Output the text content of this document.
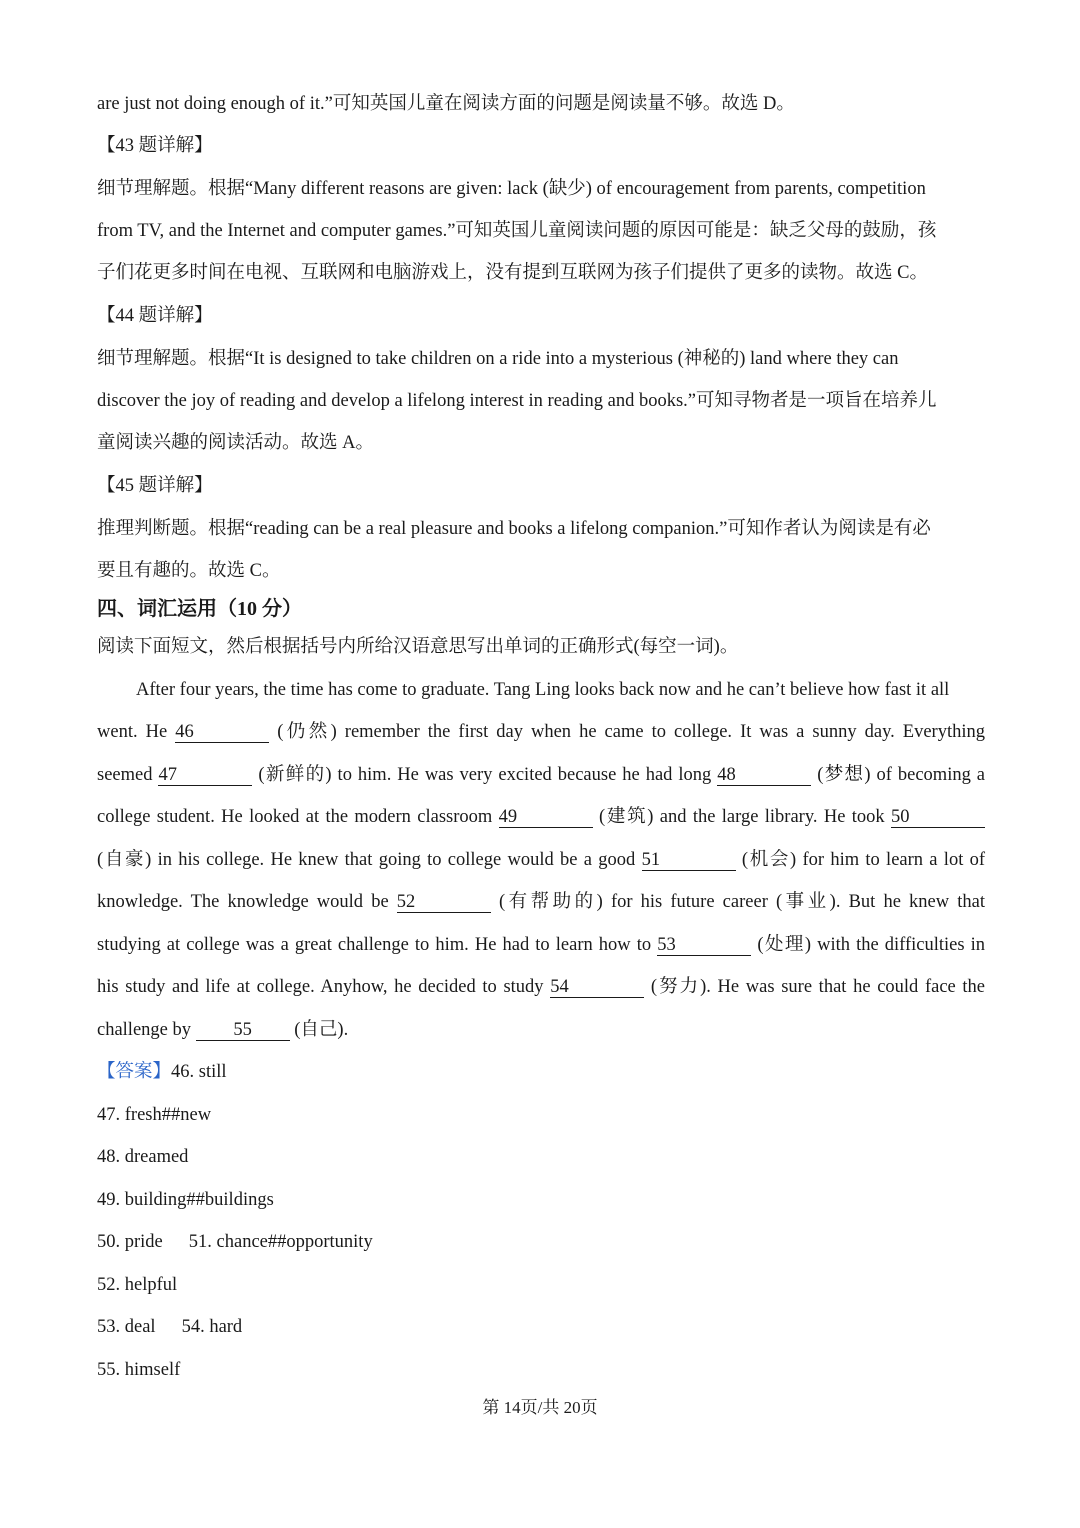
are just not doing enough of it.”可知英国儿童在阅读方面的问题是阅读量不够。故选 D。
【43 题详解】
细节理解题。根据“Many different reasons are given: lack (缺少) of encouragement from parents, competition
from TV, and the Internet and computer games.”可知英国儿童阅读问题的原因可能是：缺乏父母的鼓励，孩
子们花更多时间在电视、互联网和电脑游戏上，没有提到互联网为孩子们提供了更多的读物。故选 C。
【44 题详解】
细节理解题。根据“It is designed to take children on a ride into a mysterious (神秘的) land where they can
discover the joy of reading and develop a lifelong interest in reading and books.”可知寻物者是一项旨在培养儿
童阅读兴趣的阅读活动。故选 A。
【45 题详解】
推理判断题。根据“reading can be a real pleasure and books a lifelong companion.”可知作者认为阅读是有必
要且有趣的。故选 C。
四、词汇运用（10 分）
阅读下面短文，然后根据括号内所给汉语意思写出单词的正确形式(每空一词)。
After four years, the time has come to graduate. Tang Ling looks back now and he can’t believe how fast it all
went. He 46	(仍然) remember the first day when he came to college. It was a sunny day. Everything
seemed 47	(新鲜的) to him. He was very excited because he had long 48	(梦想) of becoming a
college student. He looked at the modern classroom 49	(建筑) and the large library. He took 50
(自豪) in his college. He knew that going to college would be a good 51	(机会) for him to learn a lot of
knowledge. The knowledge would be 52	(有帮助的) for his future career (事业). But he knew that
studying at college was a great challenge to him. He had to learn how to 53	(处理) with the difficulties in
his study and life at college. Anyhow, he decided to study 54	(努力). He was sure that he could face the
challenge by 55 (自己).
【答案】46. still
47. fresh##new
48. dreamed
49. building##buildings
50. pride 51. chance##opportunity
52. helpful
53. deal 54. hard
55. himself
第 14页/共 20页
